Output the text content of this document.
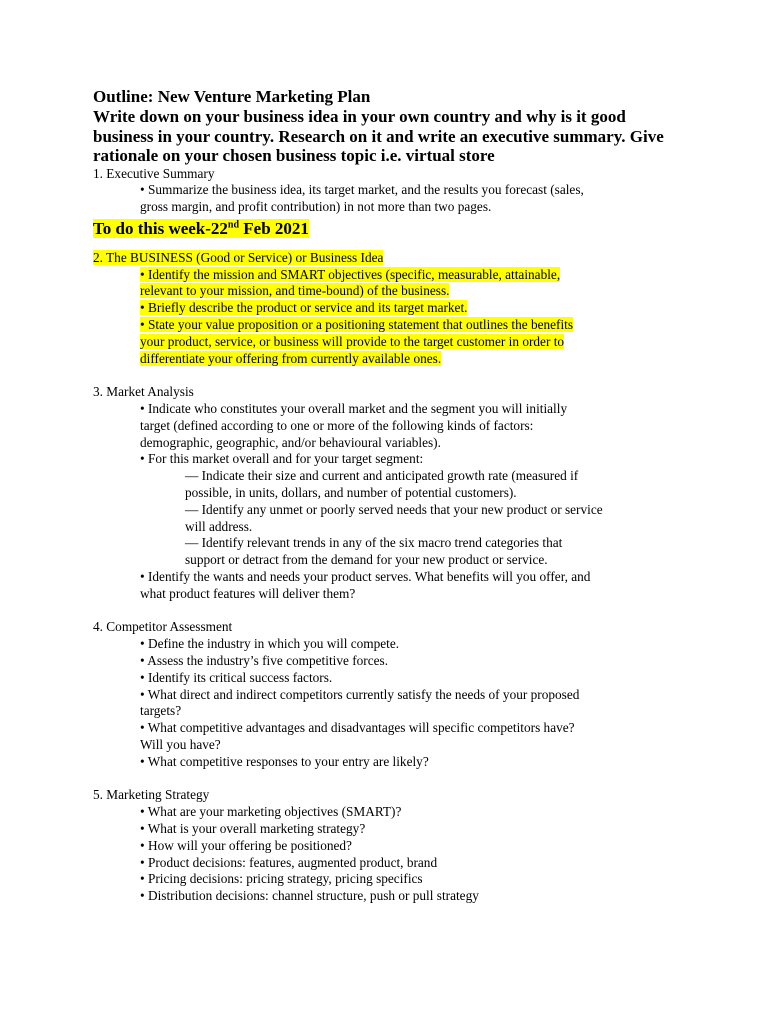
Outline: New Venture Marketing Plan

Write down on your business idea in your own country and why is it good

business in your country. Research on it and write an executive summary. Give

rationale on your chosen business topic i.e. virtual store

1. Executive Summary

• Summarize the business idea, its target market, and the results you forecast (sales,

gross margin, and profit contribution) in not more than two pages.

To do this week-22nd Feb 2021

2. The BUSINESS (Good or Service) or Business Idea

• Identify the mission and SMART objectives (specific, measurable, attainable,

relevant to your mission, and time-bound) of the business.

• Briefly describe the product or service and its target market.

• State your value proposition or a positioning statement that outlines the benefits

your product, service, or business will provide to the target customer in order to

differentiate your offering from currently available ones.

3. Market Analysis

• Indicate who constitutes your overall market and the segment you will initially

target (defined according to one or more of the following kinds of factors:

demographic, geographic, and/or behavioural variables).

• For this market overall and for your target segment:

— Indicate their size and current and anticipated growth rate (measured if

possible, in units, dollars, and number of potential customers).

— Identify any unmet or poorly served needs that your new product or service

will address.

— Identify relevant trends in any of the six macro trend categories that

support or detract from the demand for your new product or service.

• Identify the wants and needs your product serves. What benefits will you offer, and

what product features will deliver them?

4. Competitor Assessment

• Define the industry in which you will compete.

• Assess the industry’s five competitive forces.

• Identify its critical success factors.

• What direct and indirect competitors currently satisfy the needs of your proposed

targets?

• What competitive advantages and disadvantages will specific competitors have?

Will you have?

• What competitive responses to your entry are likely?

5. Marketing Strategy

• What are your marketing objectives (SMART)?

• What is your overall marketing strategy?

• How will your offering be positioned?

• Product decisions: features, augmented product, brand

• Pricing decisions: pricing strategy, pricing specifics

• Distribution decisions: channel structure, push or pull strategy
